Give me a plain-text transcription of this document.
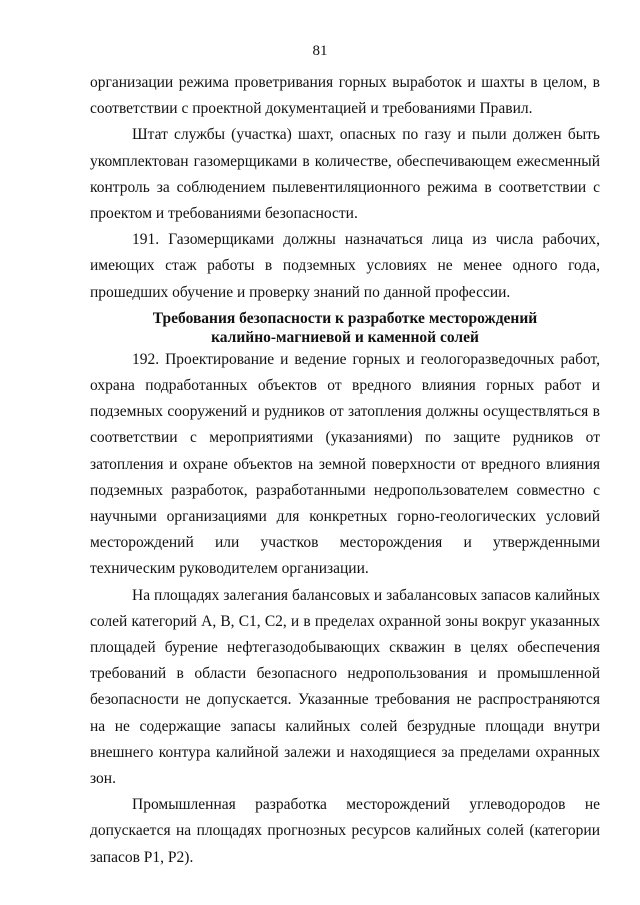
81

организации режима проветривания горных выработок и шахты в целом, в соответствии с проектной документацией и требованиями Правил.

Штат службы (участка) шахт, опасных по газу и пыли должен быть укомплектован газомерщиками в количестве, обеспечивающем ежесменный контроль за соблюдением пылевентиляционного режима в соответствии с проектом и требованиями безопасности.

191. Газомерщиками должны назначаться лица из числа рабочих, имеющих стаж работы в подземных условиях не менее одного года, прошедших обучение и проверку знаний по данной профессии.

Требования безопасности к разработке месторождений
калийно-магниевой и каменной солей

192. Проектирование и ведение горных и геологоразведочных работ, охрана подработанных объектов от вредного влияния горных работ и подземных сооружений и рудников от затопления должны осуществляться в соответствии с мероприятиями (указаниями) по защите рудников от затопления и охране объектов на земной поверхности от вредного влияния подземных разработок, разработанными недропользователем совместно с научными организациями для конкретных горно-геологических условий месторождений или участков месторождения и утвержденными техническим руководителем организации.

На площадях залегания балансовых и забалансовых запасов калийных солей категорий А, В, С1, С2, и в пределах охранной зоны вокруг указанных площадей бурение нефтегазодобывающих скважин в целях обеспечения требований в области безопасного недропользования и промышленной безопасности не допускается. Указанные требования не распространяются на не содержащие запасы калийных солей безрудные площади внутри внешнего контура калийной залежи и находящиеся за пределами охранных зон.

Промышленная разработка месторождений углеводородов не допускается на площадях прогнозных ресурсов калийных солей (категории запасов Р1, Р2).
